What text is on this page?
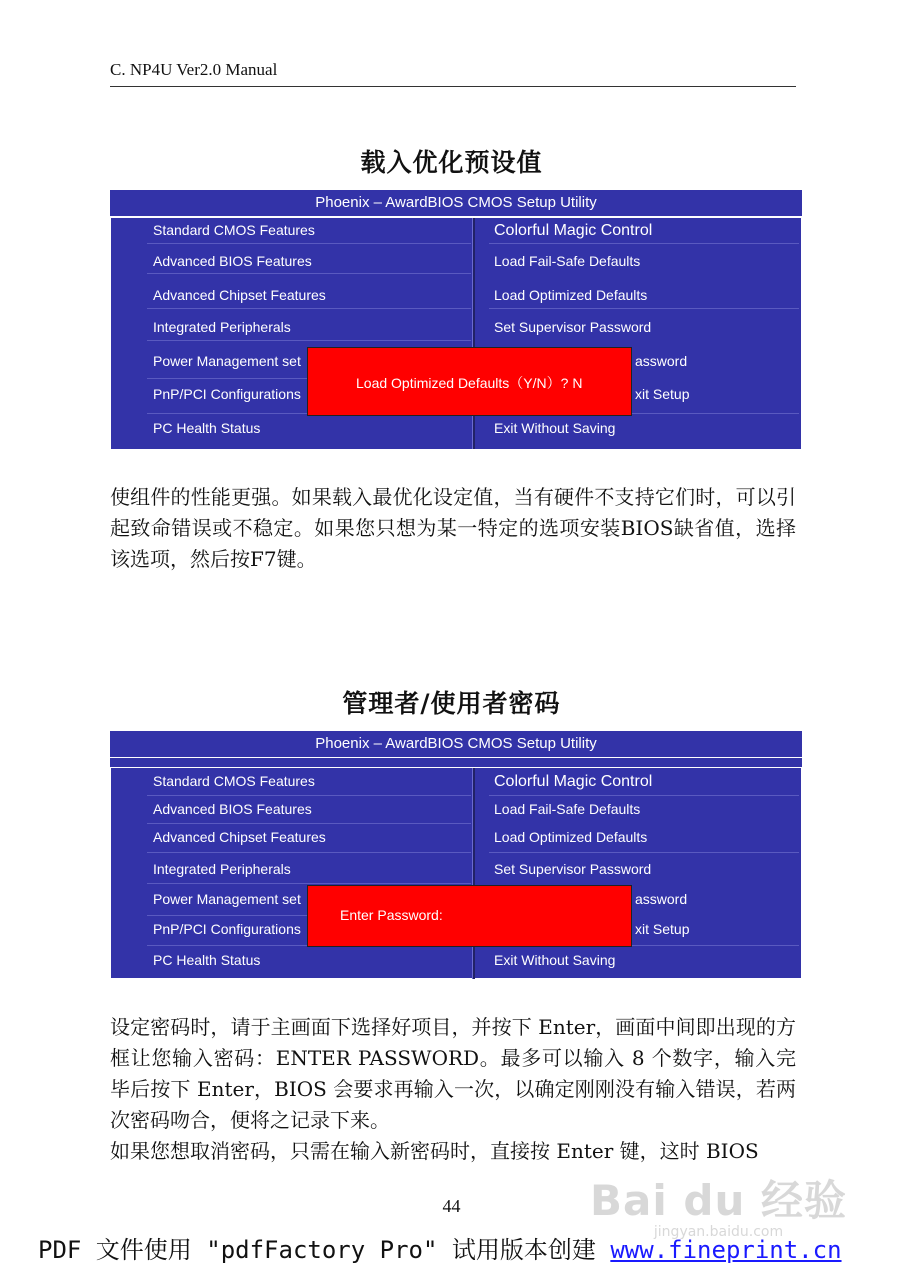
C. NP4U Ver2.0 Manual
载入优化预设值
Phoenix – AwardBIOS CMOS Setup Utility
Standard CMOS Features
Advanced BIOS Features
Advanced Chipset Features
Integrated Peripherals
Power Management set
PnP/PCI Configurations
PC Health Status
Colorful Magic Control
Load Fail-Safe Defaults
Load Optimized Defaults
Set Supervisor Password
assword
xit Setup
Exit Without Saving
Load Optimized Defaults（Y/N）? N
使组件的性能更强。如果载入最优化设定值，当有硬件不支持它们时，可以引起致命错误或不稳定。如果您只想为某一特定的选项安装BIOS缺省值，选择该选项，然后按F7键。
管理者/使用者密码
Phoenix – AwardBIOS CMOS Setup Utility
Standard CMOS Features
Advanced BIOS Features
Advanced Chipset Features
Integrated Peripherals
Power Management set
PnP/PCI Configurations
PC Health Status
Colorful Magic Control
Load Fail-Safe Defaults
Load Optimized Defaults
Set Supervisor Password
assword
xit Setup
Exit Without Saving
Enter Password:
设定密码时，请于主画面下选择好项目，并按下 Enter，画面中间即出现的方框让您输入密码：ENTER PASSWORD。最多可以输入 8 个数字，输入完毕后按下 Enter，BIOS 会要求再输入一次，以确定刚刚没有输入错误，若两次密码吻合，便将之记录下来。
如果您想取消密码，只需在输入新密码时，直接按 Enter 键，这时 BIOS
44	Bai du 经验
jingyan.baidu.com
PDF 文件使用 "pdfFactory Pro" 试用版本创建 www.fineprint.cn
